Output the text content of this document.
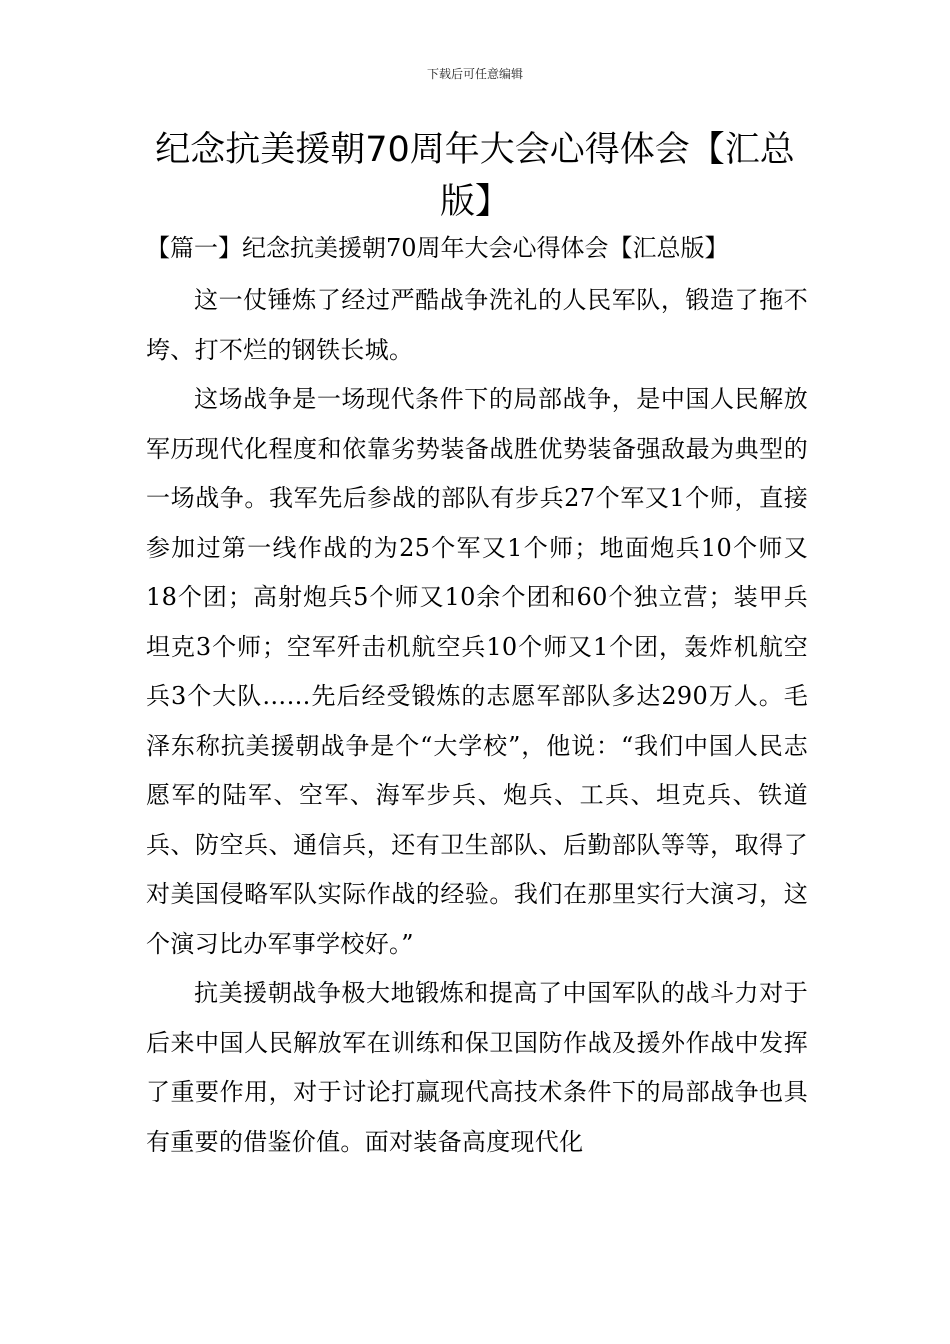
下载后可任意编辑
纪念抗美援朝70周年大会心得体会【汇总版】
【篇一】纪念抗美援朝70周年大会心得体会【汇总版】

这一仗锤炼了经过严酷战争洗礼的人民军队，锻造了拖不垮、打不烂的钢铁长城。

这场战争是一场现代条件下的局部战争，是中国人民解放军历现代化程度和依靠劣势装备战胜优势装备强敌最为典型的一场战争。我军先后参战的部队有步兵27个军又1个师，直接参加过第一线作战的为25个军又1个师；地面炮兵10个师又18个团；高射炮兵5个师又10余个团和60个独立营；装甲兵坦克3个师；空军歼击机航空兵10个师又1个团，轰炸机航空兵3个大队……先后经受锻炼的志愿军部队多达290万人。毛泽东称抗美援朝战争是个“大学校”，他说：“我们中国人民志愿军的陆军、空军、海军步兵、炮兵、工兵、坦克兵、铁道兵、防空兵、通信兵，还有卫生部队、后勤部队等等，取得了对美国侵略军队实际作战的经验。我们在那里实行大演习，这个演习比办军事学校好。”

抗美援朝战争极大地锻炼和提高了中国军队的战斗力对于后来中国人民解放军在训练和保卫国防作战及援外作战中发挥了重要作用，对于讨论打赢现代高技术条件下的局部战争也具有重要的借鉴价值。面对装备高度现代化
